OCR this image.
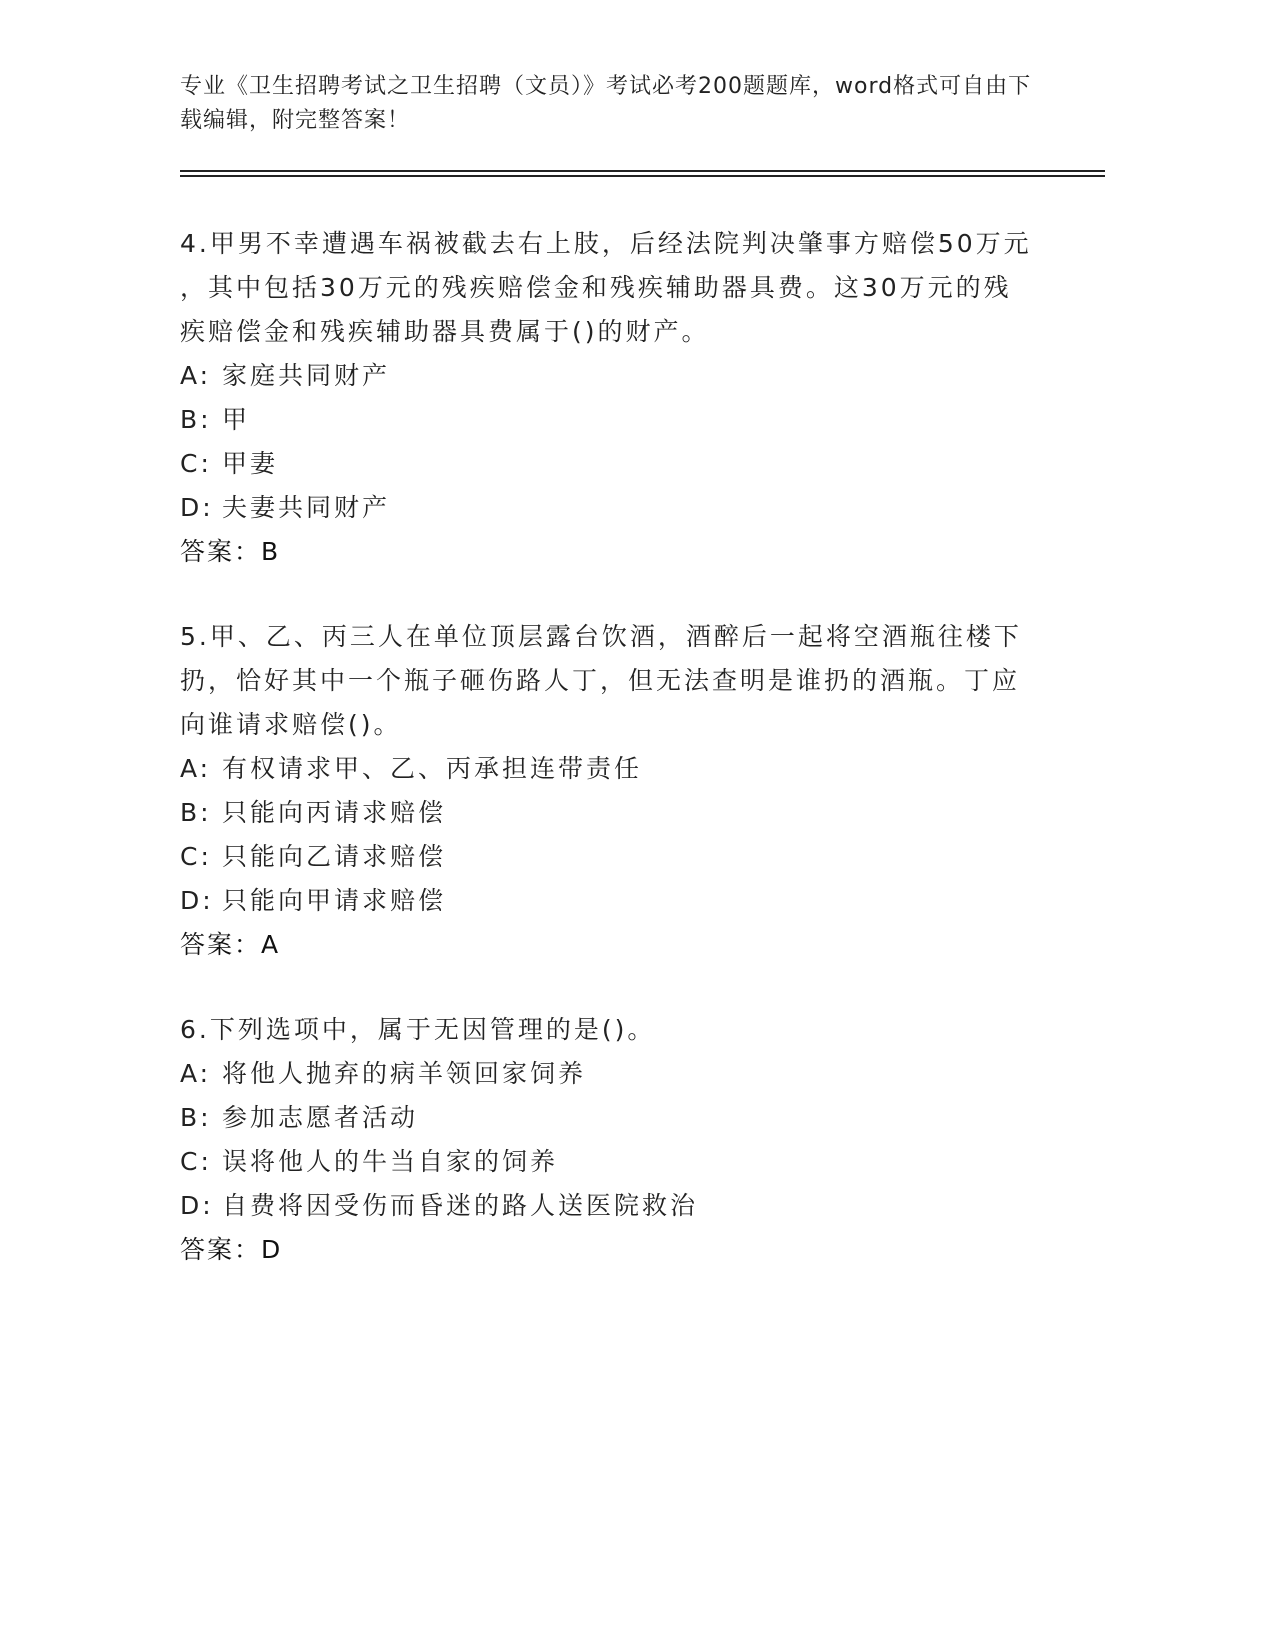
专业《卫生招聘考试之卫生招聘（文员）》考试必考200题题库，word格式可自由下载编辑，附完整答案！

4.甲男不幸遭遇车祸被截去右上肢，后经法院判决肇事方赔偿50万元

，其中包括30万元的残疾赔偿金和残疾辅助器具费。这30万元的残

疾赔偿金和残疾辅助器具费属于()的财产。

A: 家庭共同财产

B: 甲

C: 甲妻

D: 夫妻共同财产

答案：B

5.甲、乙、丙三人在单位顶层露台饮酒，酒醉后一起将空酒瓶往楼下

扔，恰好其中一个瓶子砸伤路人丁，但无法查明是谁扔的酒瓶。丁应

向谁请求赔偿()。

A: 有权请求甲、乙、丙承担连带责任

B: 只能向丙请求赔偿

C: 只能向乙请求赔偿

D: 只能向甲请求赔偿

答案：A

6.下列选项中，属于无因管理的是()。

A: 将他人抛弃的病羊领回家饲养

B: 参加志愿者活动

C: 误将他人的牛当自家的饲养

D: 自费将因受伤而昏迷的路人送医院救治

答案：D
